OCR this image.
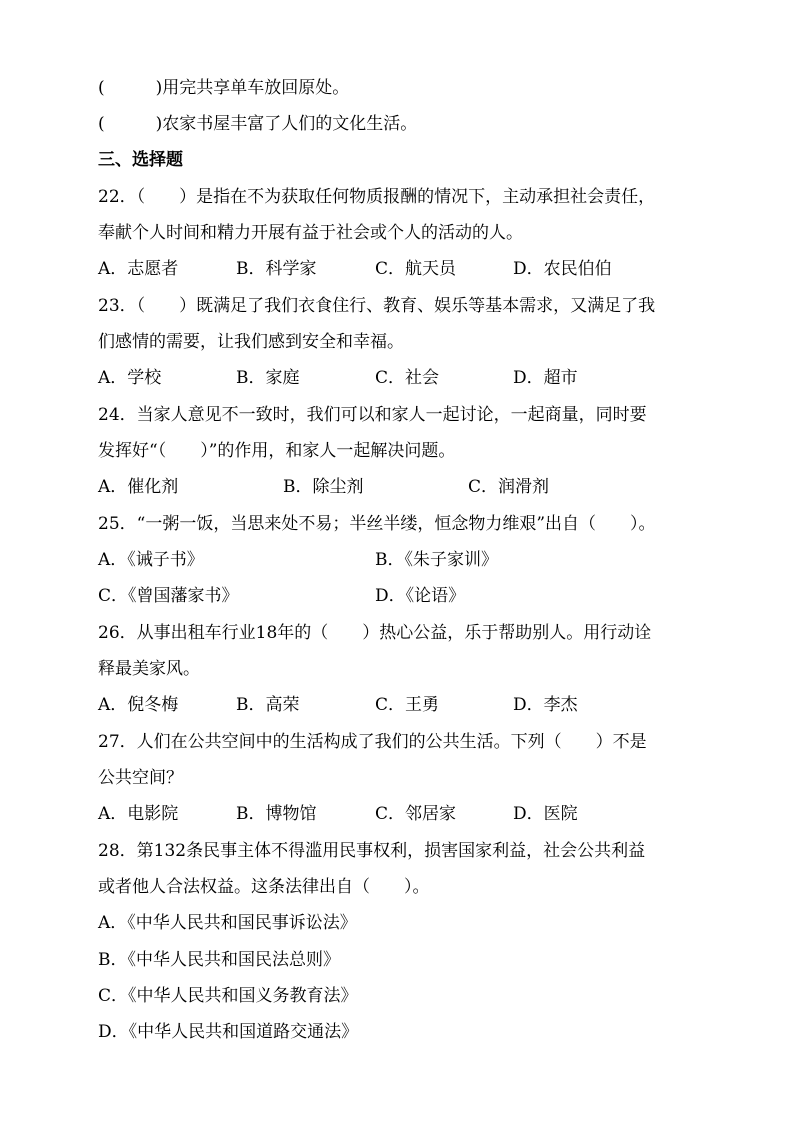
(　　　)用完共享单车放回原处。
(　　　)农家书屋丰富了人们的文化生活。
三、选择题
22．（　　）是指在不为获取任何物质报酬的情况下，主动承担社会责任，
奉献个人时间和精力开展有益于社会或个人的活动的人。
A．志愿者	B．科学家	C．航天员	D．农民伯伯
23．（　　）既满足了我们衣食住行、教育、娱乐等基本需求，又满足了我
们感情的需要，让我们感到安全和幸福。
A．学校	B．家庭	C．社会	D．超市
24．当家人意见不一致时，我们可以和家人一起讨论，一起商量，同时要
发挥好“（　　）”的作用，和家人一起解决问题。
A．催化剂	B．除尘剂	C．润滑剂
25．“一粥一饭，当思来处不易；半丝半缕，恒念物力维艰”出自（　　）。
A．《诫子书》	B．《朱子家训》
C．《曾国藩家书》	D．《论语》
26．从事出租车行业18年的（　　）热心公益，乐于帮助别人。用行动诠
释最美家风。
A．倪冬梅	B．高荣	C．王勇	D．李杰
27．人们在公共空间中的生活构成了我们的公共生活。下列（　　）不是
公共空间？
A．电影院	B．博物馆	C．邻居家	D．医院
28．第132条民事主体不得滥用民事权利，损害国家利益，社会公共利益
或者他人合法权益。这条法律出自（　　）。
A．《中华人民共和国民事诉讼法》
B．《中华人民共和国民法总则》
C．《中华人民共和国义务教育法》
D．《中华人民共和国道路交通法》
